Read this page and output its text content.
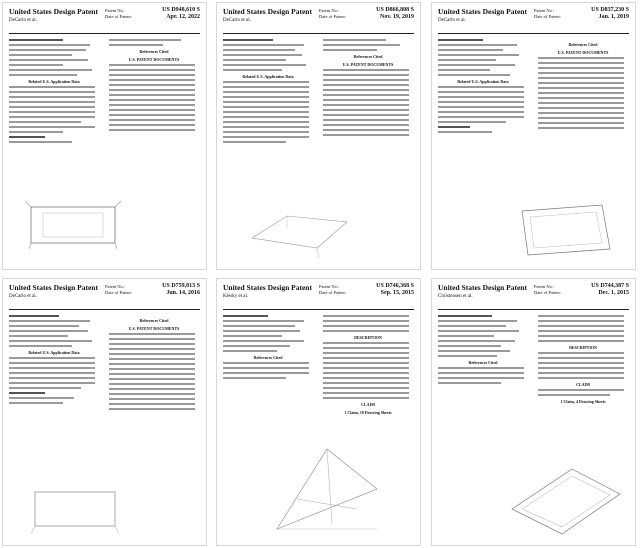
United States Design Patent
DeCarlo et al.
Patent No.:
Date of Patent:
US D948,610 S
Apr. 12, 2022
Related U.S. Application Data
References Cited
U.S. PATENT DOCUMENTS
United States Design Patent
DeCarlo et al.
Patent No.:
Date of Patent:
US D866,808 S
Nov. 19, 2019
Related U.S. Application Data
References Cited
U.S. PATENT DOCUMENTS
United States Design Patent
DeCarlo et al.
Patent No.:
Date of Patent:
US D837,230 S
Jan. 1, 2019
Related U.S. Application Data
References Cited
U.S. PATENT DOCUMENTS
United States Design Patent
DeCarlo et al.
Patent No.:
Date of Patent:
US D759,813 S
Jun. 14, 2016
Related U.S. Application Data
References Cited
U.S. PATENT DOCUMENTS
United States Design Patent
Klesky et al.
Patent No.:
Date of Patent:
US D746,368 S
Sep. 15, 2015
References Cited
DESCRIPTION
CLAIM
1 Claim, 10 Drawing Sheets
United States Design Patent
Christensen et al.
Patent No.:
Date of Patent:
US D744,387 S
Dec. 1, 2015
References Cited
DESCRIPTION
CLAIM
1 Claim, 4 Drawing Sheets
